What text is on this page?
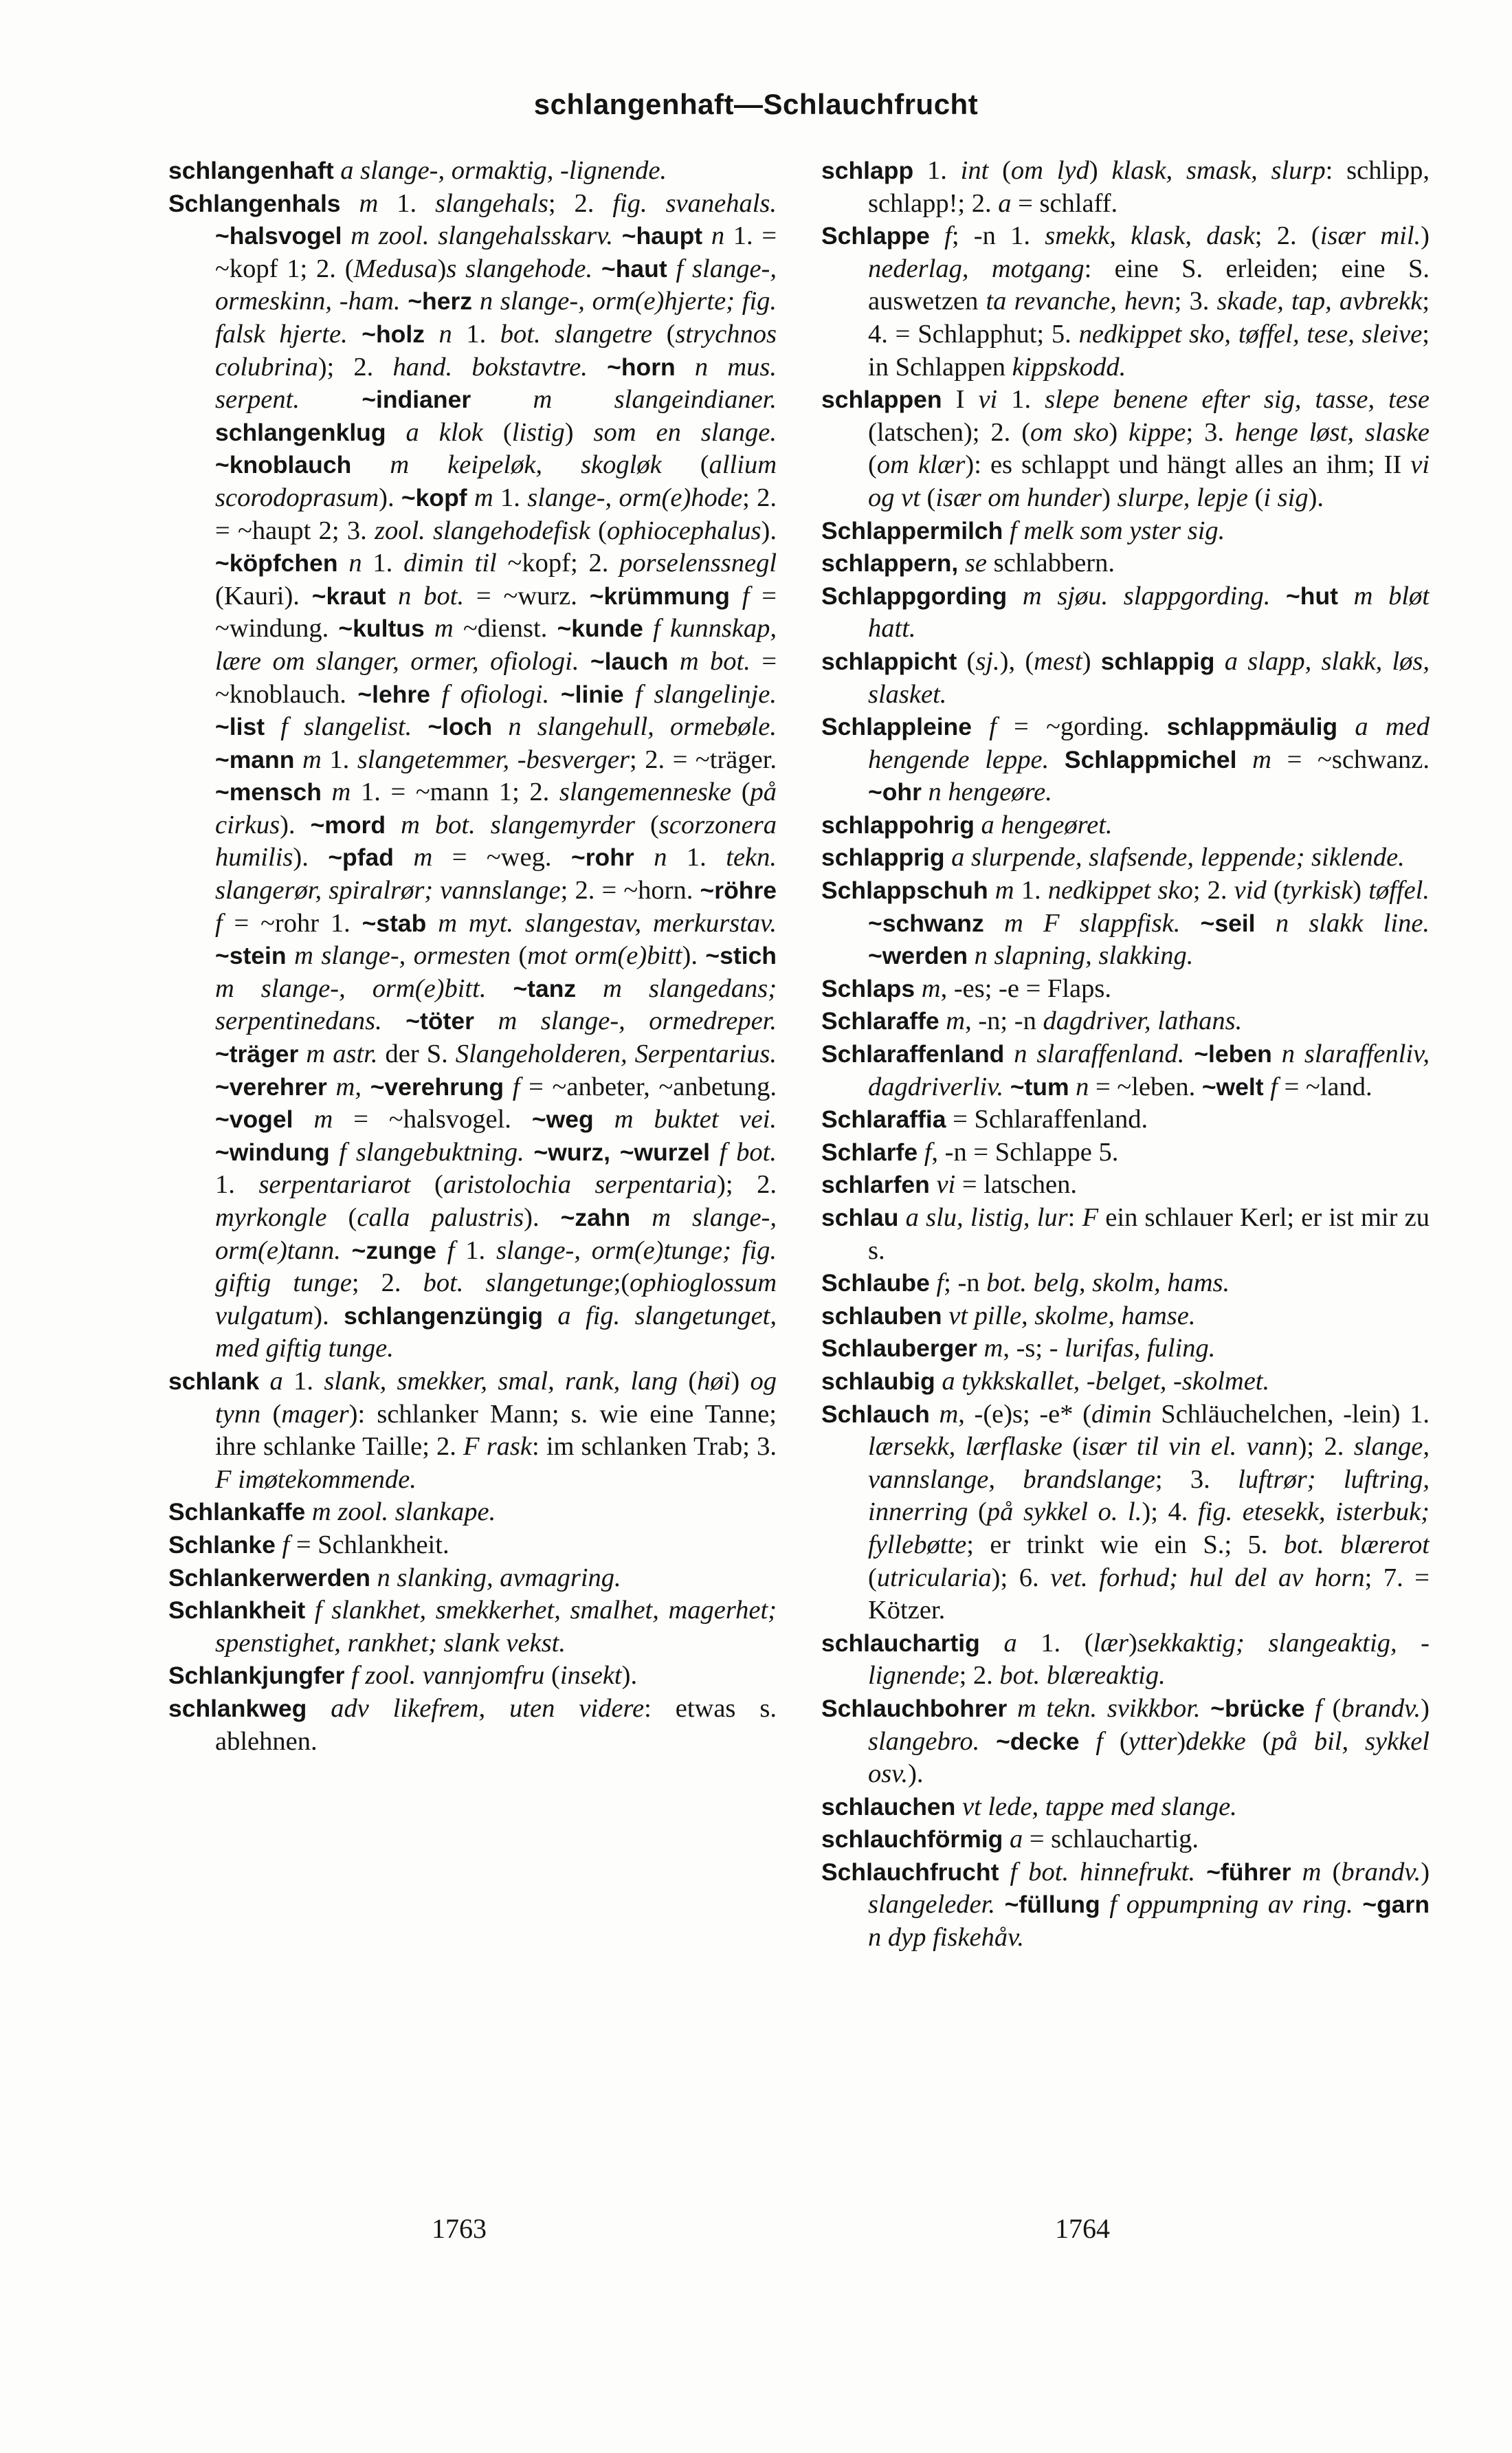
schlangenhaft—Schlauchfrucht

schlangenhaft a slange-, ormaktig, -lignende.

Schlangenhals m 1. slangehals; 2. fig. svanehals. ~halsvogel m zool. slangehalsskarv. ~haupt n 1. = ~kopf 1; 2. (Medusa)s slangehode. ~haut f slange-, ormeskinn, -ham. ~herz n slange-, orm(e)hjerte; fig. falsk hjerte. ~holz n 1. bot. slangetre (strychnos colubrina); 2. hand. bokstavtre. ~horn n mus. serpent.	~indianer m slangeindianer. schlangenklug a klok (listig) som en slange. ~knoblauch m keipeløk, skogløk (allium scorodoprasum). ~kopf m 1. slange-, orm(e)hode; 2. = ~haupt 2; 3. zool. slangehodefisk (ophiocephalus). ~köpfchen n 1. dimin til ~kopf; 2. porselenssnegl (Kauri). ~kraut n bot. = ~wurz. ~krümmung f = ~windung. ~kultus m ~dienst. ~kunde f kunnskap, lære om slanger, ormer, ofiologi. ~lauch m bot. = ~knoblauch. ~lehre f ofiologi. ~linie f slangelinje. ~list f slangelist. ~loch n slangehull, ormebøle. ~mann m 1. slangetemmer, -besverger; 2. = ~träger. ~mensch m 1. = ~mann 1; 2. slangemenneske (på cirkus). ~mord m bot. slangemyrder (scorzonera humilis). ~pfad m = ~weg. ~rohr n 1. tekn. slangerør, spiralrør; vannslange; 2. = ~horn. ~röhre f = ~rohr 1. ~stab m myt. slangestav, merkurstav. ~stein m slange-, ormesten (mot orm(e)bitt). ~stich m slange-, orm(e)bitt. ~tanz m slangedans; serpentinedans. ~töter m slange-, ormedreper. ~träger m astr. der S. Slangeholderen, Serpentarius. ~verehrer m, ~verehrung f = ~anbeter, ~anbetung. ~vogel m = ~halsvogel. ~weg m buktet vei. ~windung f slangebuktning. ~wurz, ~wurzel f bot. 1. serpentariarot (aristolochia serpentaria); 2. myrkongle (calla palustris). ~zahn m slange-, orm(e)tann. ~zunge f 1. slange-, orm(e)tunge; fig. giftig tunge; 2. bot. slangetunge;(ophioglossum vulgatum). schlangenzüngig a fig. slangetunget, med giftig tunge.

schlank a 1. slank, smekker, smal, rank, lang (høi) og tynn (mager): schlanker Mann; s. wie eine Tanne; ihre schlanke Taille; 2. F rask: im schlanken Trab; 3. F imøtekommende.

Schlankaffe m zool. slankape.

Schlanke f = Schlankheit.

Schlankerwerden n slanking, avmagring.

Schlankheit f slankhet, smekkerhet, smalhet, magerhet; spenstighet, rankhet; slank vekst.

Schlankjungfer f zool. vannjomfru (insekt).

schlankweg adv likefrem, uten videre: etwas s. ablehnen.

schlapp 1. int (om lyd) klask, smask, slurp: schlipp, schlapp!; 2. a = schlaff.

Schlappe f; -n 1. smekk, klask, dask; 2. (især mil.) nederlag, motgang: eine S. erleiden; eine S. auswetzen ta revanche, hevn; 3. skade, tap, avbrekk; 4. = Schlapphut; 5. nedkippet sko, tøffel, tese, sleive; in Schlappen kippskodd.

schlappen I vi 1. slepe benene efter sig, tasse, tese (latschen); 2. (om sko) kippe; 3. henge løst, slaske (om klær): es schlappt und hängt alles an ihm; II vi og vt (især om hunder) slurpe, lepje (i sig).

Schlappermilch f melk som yster sig.

schlappern, se schlabbern.

Schlappgording m sjøu. slappgording. ~hut m bløt hatt.

schlappicht (sj.), (mest) schlappig a slapp, slakk, løs, slasket.

Schlappleine f = ~gording. schlappmäulig a med hengende leppe. Schlappmichel m = ~schwanz. ~ohr n hengeøre.

schlappohrig a hengeøret.

schlapprig a slurpende, slafsende, leppende; siklende.

Schlappschuh m 1. nedkippet sko; 2. vid (tyrkisk) tøffel. ~schwanz m F slappfisk. ~seil n slakk line. ~werden n slapning, slakking.

Schlaps m, -es; -e = Flaps.

Schlaraffe m, -n; -n dagdriver, lathans.

Schlaraffenland n slaraffenland. ~leben n slaraffenliv, dagdriverliv. ~tum n = ~leben. ~welt f = ~land.

Schlaraffia = Schlaraffenland.

Schlarfe f, -n = Schlappe 5.

schlarfen vi = latschen.

schlau a slu, listig, lur: F ein schlauer Kerl; er ist mir zu s.

Schlaube f; -n bot. belg, skolm, hams.

schlauben vt pille, skolme, hamse.

Schlauberger m, -s; - lurifas, fuling.

schlaubig a tykkskallet, -belget, -skolmet.

Schlauch m, -(e)s; -e* (dimin Schläuchelchen, -lein) 1. lærsekk, lærflaske (især til vin el. vann); 2. slange, vannslange, brandslange; 3. luftrør; luftring, innerring (på sykkel o. l.); 4. fig. etesekk, isterbuk; fyllebøtte; er trinkt wie ein S.; 5. bot. blærerot (utricularia); 6. vet. forhud; hul del av horn; 7. = Kötzer.

schlauchartig a 1. (lær)sekkaktig; slangeaktig, -lignende; 2. bot. blæreaktig.

Schlauchbohrer m tekn. svikkbor. ~brücke f (brandv.) slangebro. ~decke f (ytter)dekke (på bil, sykkel osv.).

schlauchen vt lede, tappe med slange.

schlauchförmig a = schlauchartig.

Schlauchfrucht f bot. hinnefrukt. ~führer m (brandv.) slangeleder. ~füllung f oppumpning av ring. ~garn n dyp fiskehåv.

1763	1764
